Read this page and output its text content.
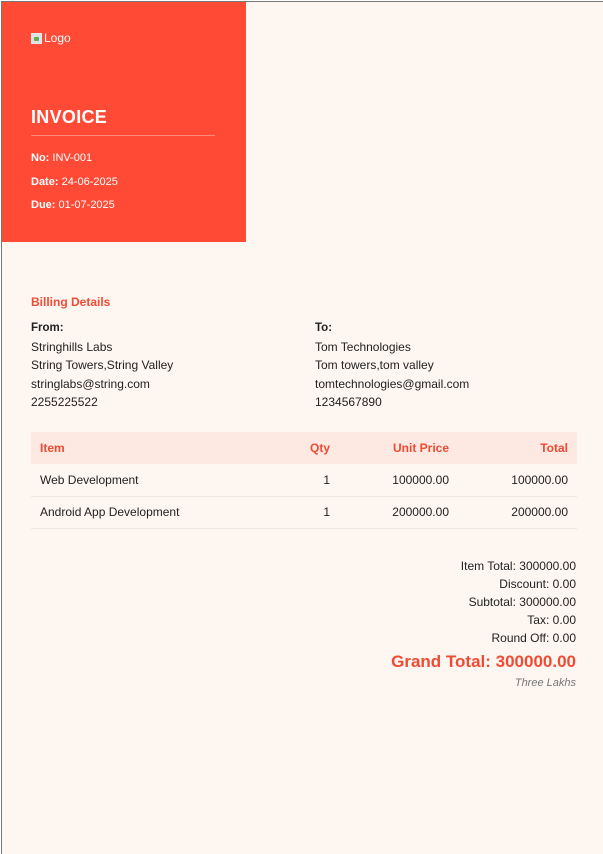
Logo
INVOICE
No: INV-001
Date: 24-06-2025
Due: 01-07-2025
Billing Details
From:
Stringhills Labs
String Towers,String Valley
stringlabs@string.com
2255225522
To:
Tom Technologies
Tom towers,tom valley
tomtechnologies@gmail.com
1234567890
Item	Qty	Unit Price	Total
Web Development	1	100000.00	100000.00
Android App Development	1	200000.00	200000.00
Item Total: 300000.00
Discount: 0.00
Subtotal: 300000.00
Tax: 0.00
Round Off: 0.00
Grand Total: 300000.00
Three Lakhs
